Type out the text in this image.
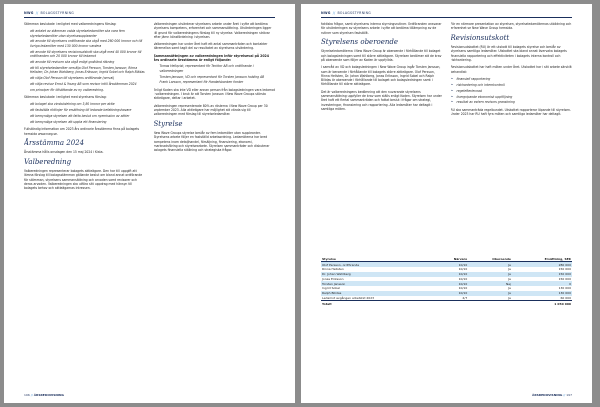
NWG // BOLAGSSTYRNING

Stämman beslutade i enlighet med valberedningens förslag:

• att antalet av stämman valda styrelseledamöter ska vara fem styrelseledamöter utan styrelsesuppleanter
• att arvode till styrelsens ordförande ska utgå med 260 000 kronor och till övriga ledamöter med 130 000 kronor vardera
• att arvode till styrelsens revisionsutskott ska utgå med 40 000 kronor till ordföranden och 20 000 kronor till ledamot
• att arvode till revisorn ska utgå enligt godkänd räkning
• att till styrelseledamöter omvälja Olof Persson, Torsten Jansson, Rinna Hellsten, Dr. Johan Wahlberg, Jonas Eriksson, Ingrid Sobel och Ralph Bilidas
• att välja Olof Persson till styrelsens ordförande (omval)
• att välja revisor Ernst & Young AB som revisor intill årsstämman 2024
• om principer för tillsättande av ny valberedning.

Stämman beslutade i enlighet med styrelsens förslag:

• att bolaget ska vinstutdelning om 3,80 kronor per aktie
• att fastställa riktlinjer för ersättning till ledande befattningshavare
• att bemyndiga styrelsen att fatta beslut om nyemission av aktier
• att bemyndiga styrelsen att uppta ett finansiering

Fullständig information om 2023 års ordinarie årsstämma finns på bolagets hemsida www.nwg.se.

Årsstämma 2024

Årsstämma hålls onsdagen den 15 maj 2024 i Kista.

Valberedning

Valberedningen representerar bolagets aktieägare. Den har till uppgift att lämna förslag till bolagsstämman gällande beslut om bland annat ordförande för stämman, styrelsens sammansättning och arvoden samt revisorer och deras arvoden. Valberedningen ska utföra sitt uppdrag med hänsyn till bolagets behov och aktieägarnas intressen.

Valberedningen utvärderar styrelsens arbete under året i syfte att bedöma styrelsens kompetens, erfarenhet och sammansättning. Utvärderingen ligger till grund för valberedningens förslag till ny styrelse. Valberedningen strävar efter jämn könsfördelning i styrelsen.

Valberedningen har under året haft ett antal sammanträden och kontakter däremellan samt tagit del av resultatet av styrelsens utvärdering.

Sammansättningen av valberedningen inför styrelseval på 2024 års ordinarie årsstämma är enligt följande:
• Tomas Hellqvist, representant för Tecktor AB och ordförande i valberedningen
• Torsten Jansson, VD och representant för Torsten Jansson holding AB
• Frank Larsson, representant för Handelsbanken fonder

Enligt Koden ska inte VD eller annan person från bolagsledningen vara ledamot i valberedningen. I bruk är att Torsten Jansson i New Wave Groups största aktieägare, deltar i arbetet.

Valberedningen representerade 80% av rösterna i New Wave Group per 30 september 2023. Alla aktieägare har möjlighet att vända sig till valberedningen med förslag till styrelseledamöter.

Styrelse

New Wave Groups styrelse består av fem ledamöter utan suppleanter. Styrelsens arbete följer en fastställd arbetsordning. Ledamöterna har bred kompetens inom detaljhandel, försäljning, finansiering, ekonomi, marknadsföring och styrelsearbete. Styrelsen sammanträder och diskuterar bolagets finansiella ställning och strategiska frågor.

196 // ÅRSREDOVISNING
NWG // BOLAGSSTYRNING

faktiska frågor, samt styrelsens interna styrningsrutiner. Ordföranden ansvarar för utvärderingen av styrelsens arbete i syfte att bedöma tillämpning av de rutiner som styrelsen fastställt.

Styrelsens oberoende

Styrelseledamöterna i New Wave Group är oberoende i förhållande till bolaget och bolagsledningen samt till större aktieägare. Styrelsen bedömer att de krav på oberoende som följer av Koden är uppfyllda.

I samråd av VD och bolagsledningen i New Wave Group ingår Torsten Jansson, som är beroende i förhållande till bolagets större aktieägare. Olof Persson, Rinna Hellsten, Dr. Johan Wahlberg, Jonas Eriksson, Ingrid Sobel och Ralph Bilidas är oberoende i förhållande till bolaget och bolagsledningen samt i förhållande till större aktieägare.

Det är valberedningens bedömning att den nuvarande styrelsens sammansättning uppfyller de krav som ställs enligt Koden. Styrelsen har under året haft ett flertal sammanträden och fattat beslut i frågor om strategi, investeringar, finansiering och rapportering. Alla ledamöter har deltagit i samtliga möten.

För en närmare presentation av styrelsen, styrelseledamöternas utbildning och erfarenhet se New Wave Group hemsida.

Revisionsutskott

Revisionsutskottet (RU) är ett utskott till bolagets styrelse och består av styrelsens samtliga ledamöter. Utskottet ska bland annat övervaka bolagets finansiella rapportering och effektiviteten i bolagets interna kontroll och riskhantering.

Revisionsutskottet har haft möten under året. Utskottet har i sitt arbete särskilt behandlat:

► finansiell rapportering
► riskhantering och internkontroll
► regelefterlevnad
► övergripande ekonomisk uppföljning
► resultat av extern revisors granskning

RU ska sammanträda regelbundet. Utskottet rapporterar löpande till styrelsen. Under 2023 har RU haft fyra möten och samtliga ledamöter har deltagit.

Styrelse	Närvaro	Oberoende	Ersättning, SEK
Olof Persson, ordförande	10/10	Ja	280 000
Rinna Hellsten	10/10	Ja	150 000
Dr. Johan Wahlberg	10/10	Ja	150 000
Jonas Eriksson	10/10	Ja	150 000
Torsten Jansson	10/10	Nej	0
Ingrid Sobel	10/10	Ja	130 000
Ralph Bilidas	10/10	Ja	130 000
Ledamot avgången arbetstid 2023	4/7	Ja	60 000
Totalt			1 050 000
ÅRSREDOVISNING // 197
